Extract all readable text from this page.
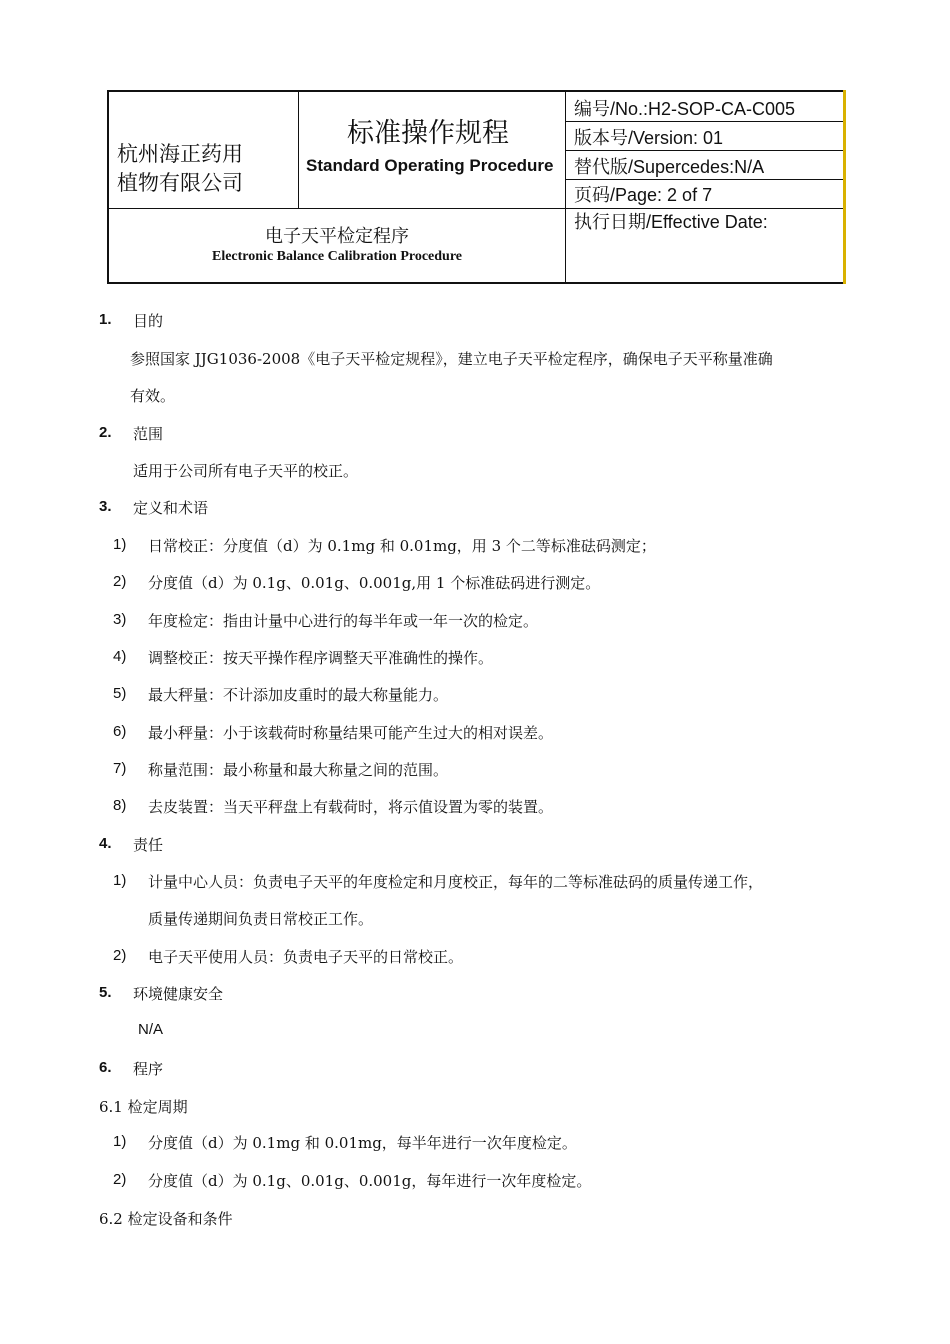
杭州海正药用
植物有限公司
标准操作规程
Standard Operating Procedure
编号/No.:H2-SOP-CA-C005
版本号/Version: 01
替代版/Supercedes:N/A
页码/Page: 2 of 7
执行日期/Effective Date:
电子天平检定程序
Electronic Balance Calibration Procedure
1. 目的
参照国家 JJG1036-2008《电子天平检定规程》，建立电子天平检定程序，确保电子天平称量准确
有效。
2. 范围
适用于公司所有电子天平的校正。
3. 定义和术语
1) 日常校正：分度值（d）为 0.1mg 和 0.01mg，用 3 个二等标准砝码测定；
2) 分度值（d）为 0.1g、0.01g、0.001g,用 1 个标准砝码进行测定。
3) 年度检定：指由计量中心进行的每半年或一年一次的检定。
4) 调整校正：按天平操作程序调整天平准确性的操作。
5) 最大秤量：不计添加皮重时的最大称量能力。
6) 最小秤量：小于该载荷时称量结果可能产生过大的相对误差。
7) 称量范围：最小称量和最大称量之间的范围。
8) 去皮装置：当天平秤盘上有载荷时，将示值设置为零的装置。
4. 责任
1) 计量中心人员：负责电子天平的年度检定和月度校正，每年的二等标准砝码的质量传递工作，
质量传递期间负责日常校正工作。
2) 电子天平使用人员：负责电子天平的日常校正。
5. 环境健康安全
N/A
6. 程序
6.1 检定周期
1) 分度值（d）为 0.1mg 和 0.01mg，每半年进行一次年度检定。
2) 分度值（d）为 0.1g、0.01g、0.001g，每年进行一次年度检定。
6.2 检定设备和条件
